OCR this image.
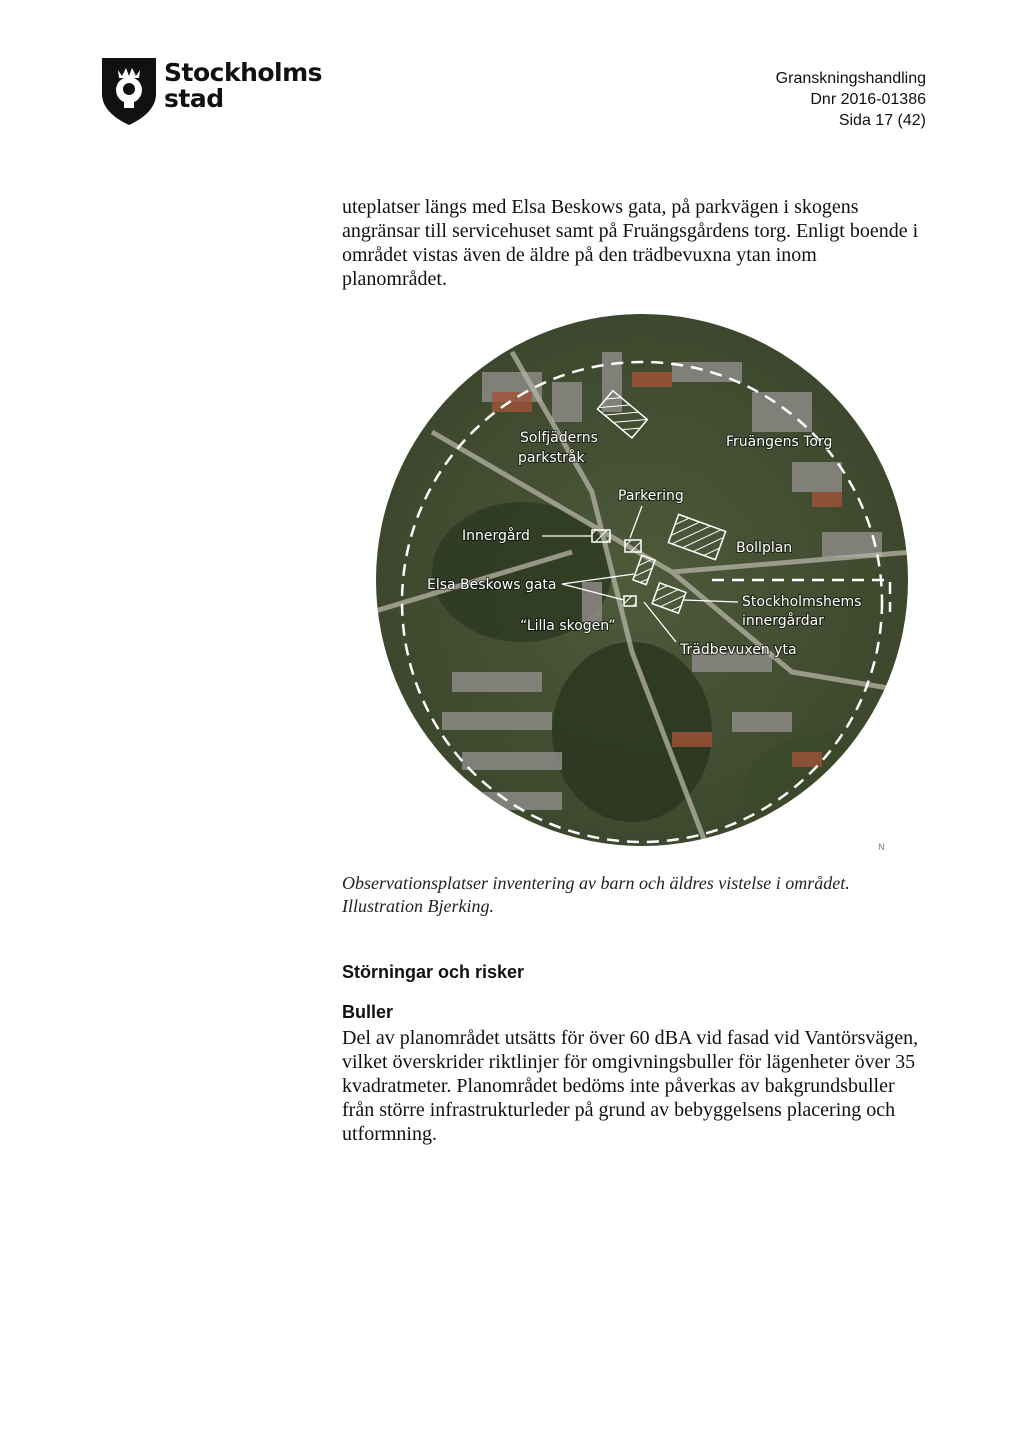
Stockholms
stad
Granskningshandling
Dnr 2016-01386
Sida 17 (42)

uteplatser längs med Elsa Beskows gata, på parkvägen i skogens angränsar till servicehuset samt på Fruängsgårdens torg. Enligt boende i området vistas även de äldre på den trädbevuxna ytan inom planområdet.

Solfjäderns
parkstråk
Fruängens Torg
Parkering
Innergård
Bollplan
Elsa Beskows gata
Stockholmshems
innergårdar
“Lilla skogen”
Trädbevuxen yta
N

Observationsplatser inventering av barn och äldres vistelse i området.
Illustration Bjerking.

Störningar och risker
Buller

Del av planområdet utsätts för över 60 dBA vid fasad vid Vantörsvägen, vilket överskrider riktlinjer för omgivningsbuller för lägenheter över 35 kvadratmeter. Planområdet bedöms inte påverkas av bakgrundsbuller från större infrastrukturleder på grund av bebyggelsens placering och utformning.
